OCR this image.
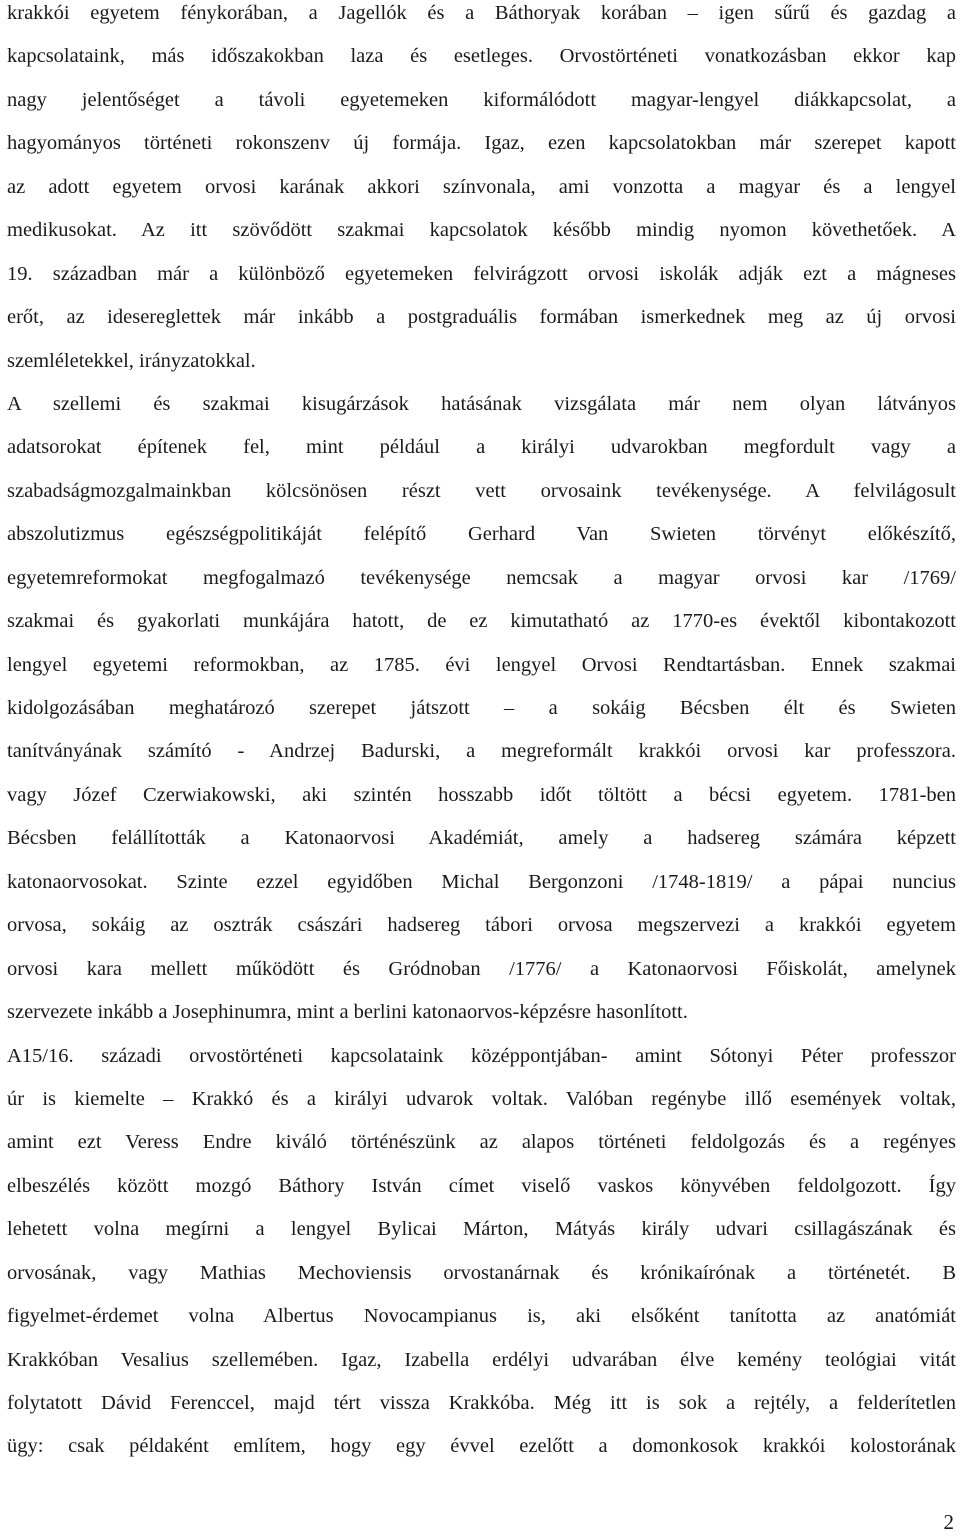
krakkói egyetem fénykorában, a Jagellók és a Báthoryak korában – igen sűrű és gazdag a
kapcsolataink, más időszakokban laza és esetleges. Orvostörténeti vonatkozásban ekkor kap
nagy jelentőséget a távoli egyetemeken kiformálódott magyar-lengyel diákkapcsolat, a
hagyományos történeti rokonszenv új formája. Igaz, ezen kapcsolatokban már szerepet kapott
az adott egyetem orvosi karának akkori színvonala, ami vonzotta a magyar és a lengyel
medikusokat. Az itt szövődött szakmai kapcsolatok később mindig nyomon követhetőek. A
19. században már a különböző egyetemeken felvirágzott orvosi iskolák adják ezt a mágneses
erőt, az idesereglettek már inkább a postgraduális formában ismerkednek meg az új orvosi
szemléletekkel, irányzatokkal.
A szellemi és szakmai kisugárzások hatásának vizsgálata már nem olyan látványos
adatsorokat építenek fel, mint például a királyi udvarokban megfordult vagy a
szabadságmozgalmainkban kölcsönösen részt vett orvosaink tevékenysége. A felvilágosult
abszolutizmus egészségpolitikáját felépítő Gerhard Van Swieten törvényt előkészítő,
egyetemreformokat megfogalmazó tevékenysége nemcsak a magyar orvosi kar /1769/
szakmai és gyakorlati munkájára hatott, de ez kimutatható az 1770-es évektől kibontakozott
lengyel egyetemi reformokban, az 1785. évi lengyel Orvosi Rendtartásban. Ennek szakmai
kidolgozásában meghatározó szerepet játszott – a sokáig Bécsben élt és Swieten
tanítványának számító - Andrzej Badurski, a megreformált krakkói orvosi kar professzora.
vagy Józef Czerwiakowski, aki szintén hosszabb időt töltött a bécsi egyetem. 1781-ben
Bécsben felállították a Katonaorvosi Akadémiát, amely a hadsereg számára képzett
katonaorvosokat. Szinte ezzel egyidőben Michal Bergonzoni /1748-1819/ a pápai nuncius
orvosa, sokáig az osztrák császári hadsereg tábori orvosa megszervezi a krakkói egyetem
orvosi kara mellett működött és Gródnoban /1776/ a Katonaorvosi Főiskolát, amelynek
szervezete inkább a Josephinumra, mint a berlini katonaorvos-képzésre hasonlított.
A15/16. századi orvostörténeti kapcsolataink középpontjában- amint Sótonyi Péter professzor
úr is kiemelte – Krakkó és a királyi udvarok voltak. Valóban regénybe illő események voltak,
amint ezt Veress Endre kiváló történészünk az alapos történeti feldolgozás és a regényes
elbeszélés között mozgó Báthory István címet viselő vaskos könyvében feldolgozott. Így
lehetett volna megírni a lengyel Bylicai Márton, Mátyás király udvari csillagászának és
orvosának, vagy Mathias Mechoviensis orvostanárnak és krónikaírónak a történetét. B
figyelmet-érdemet volna Albertus Novocampianus is, aki elsőként tanította az anatómiát
Krakkóban Vesalius szellemében. Igaz, Izabella erdélyi udvarában élve kemény teológiai vitát
folytatott Dávid Ferenccel, majd tért vissza Krakkóba. Még itt is sok a rejtély, a felderítetlen
ügy: csak példaként említem, hogy egy évvel ezelőtt a domonkosok krakkói kolostorának
2
